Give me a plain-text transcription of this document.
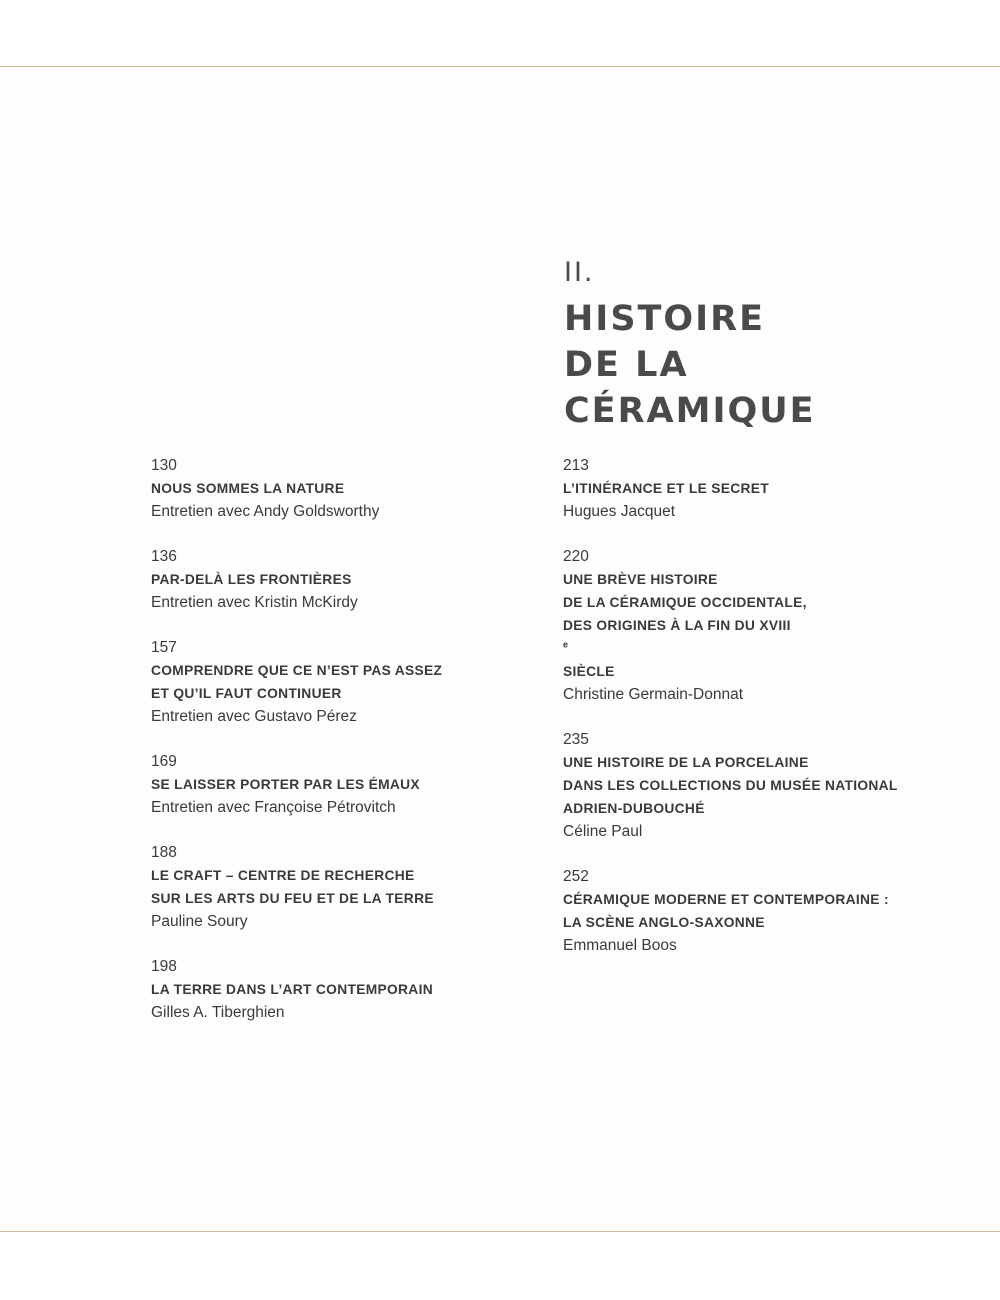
II.
HISTOIRE
DE LA
CÉRAMIQUE
130
NOUS SOMMES LA NATURE
Entretien avec Andy Goldsworthy
136
PAR-DELÀ LES FRONTIÈRES
Entretien avec Kristin McKirdy
157
COMPRENDRE QUE CE N’EST PAS ASSEZ
ET QU’IL FAUT CONTINUER
Entretien avec Gustavo Pérez
169
SE LAISSER PORTER PAR LES ÉMAUX
Entretien avec Françoise Pétrovitch
188
LE CRAFT – CENTRE DE RECHERCHE
SUR LES ARTS DU FEU ET DE LA TERRE
Pauline Soury
198
LA TERRE DANS L’ART CONTEMPORAIN
Gilles A. Tiberghien
213
L’ITINÉRANCE ET LE SECRET
Hugues Jacquet
220
UNE BRÈVE HISTOIRE
DE LA CÉRAMIQUE OCCIDENTALE,
DES ORIGINES À LA FIN DU XVIII
$^e$
SIÈCLE
Christine Germain-Donnat
235
UNE HISTOIRE DE LA PORCELAINE
DANS LES COLLECTIONS DU MUSÉE NATIONAL
ADRIEN-DUBOUCHÉ
Céline Paul
252
CÉRAMIQUE MODERNE ET CONTEMPORAINE :
LA SCÈNE ANGLO-SAXONNE
Emmanuel Boos
